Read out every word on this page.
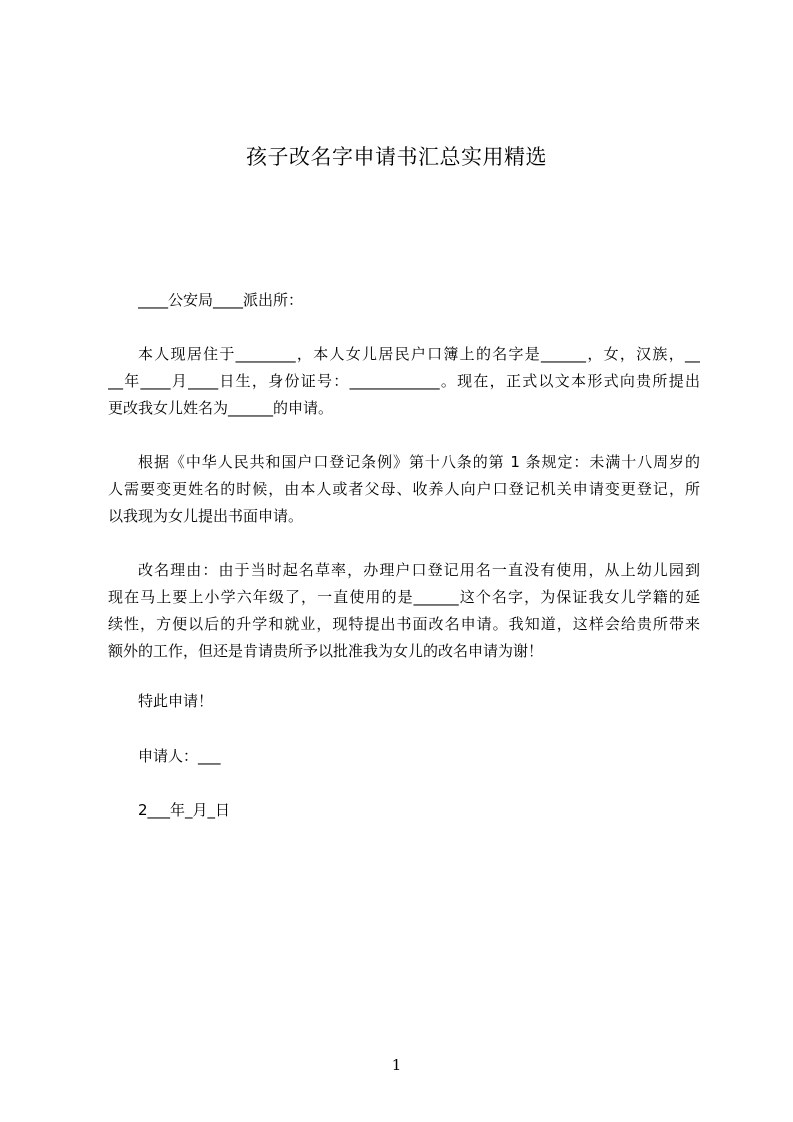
孩子改名字申请书汇总实用精选
____公安局____派出所：
本人现居住于________，本人女儿居民户口簿上的名字是______，女，汉族，__
__年____月____日生，身份证号：____________。现在，正式以文本形式向贵所提出
更改我女儿姓名为______的申请。
根据《中华人民共和国户口登记条例》第十八条的第 1 条规定：未满十八周岁的
人需要变更姓名的时候，由本人或者父母、收养人向户口登记机关申请变更登记，所
以我现为女儿提出书面申请。
改名理由：由于当时起名草率，办理户口登记用名一直没有使用，从上幼儿园到
现在马上要上小学六年级了，一直使用的是______这个名字，为保证我女儿学籍的延
续性，方便以后的升学和就业，现特提出书面改名申请。我知道，这样会给贵所带来
额外的工作，但还是肯请贵所予以批准我为女儿的改名申请为谢！
特此申请！
申请人：___
2___年_月_日
1
